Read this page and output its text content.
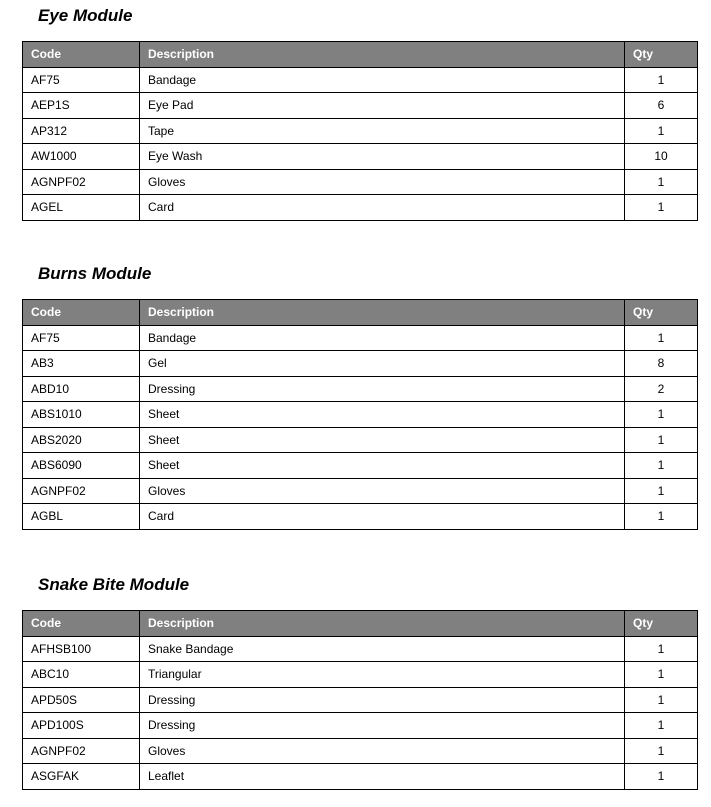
Eye Module
Code	Description	Qty
AF75	Bandage	1
AEP1S	Eye Pad	6
AP312	Tape	1
AW1000	Eye Wash	10
AGNPF02	Gloves	1
AGEL	Card	1
Burns Module
Code	Description	Qty
AF75	Bandage	1
AB3	Gel	8
ABD10	Dressing	2
ABS1010	Sheet	1
ABS2020	Sheet	1
ABS6090	Sheet	1
AGNPF02	Gloves	1
AGBL	Card	1
Snake Bite Module
Code	Description	Qty
AFHSB100	Snake Bandage	1
ABC10	Triangular	1
APD50S	Dressing	1
APD100S	Dressing	1
AGNPF02	Gloves	1
ASGFAK	Leaflet	1
